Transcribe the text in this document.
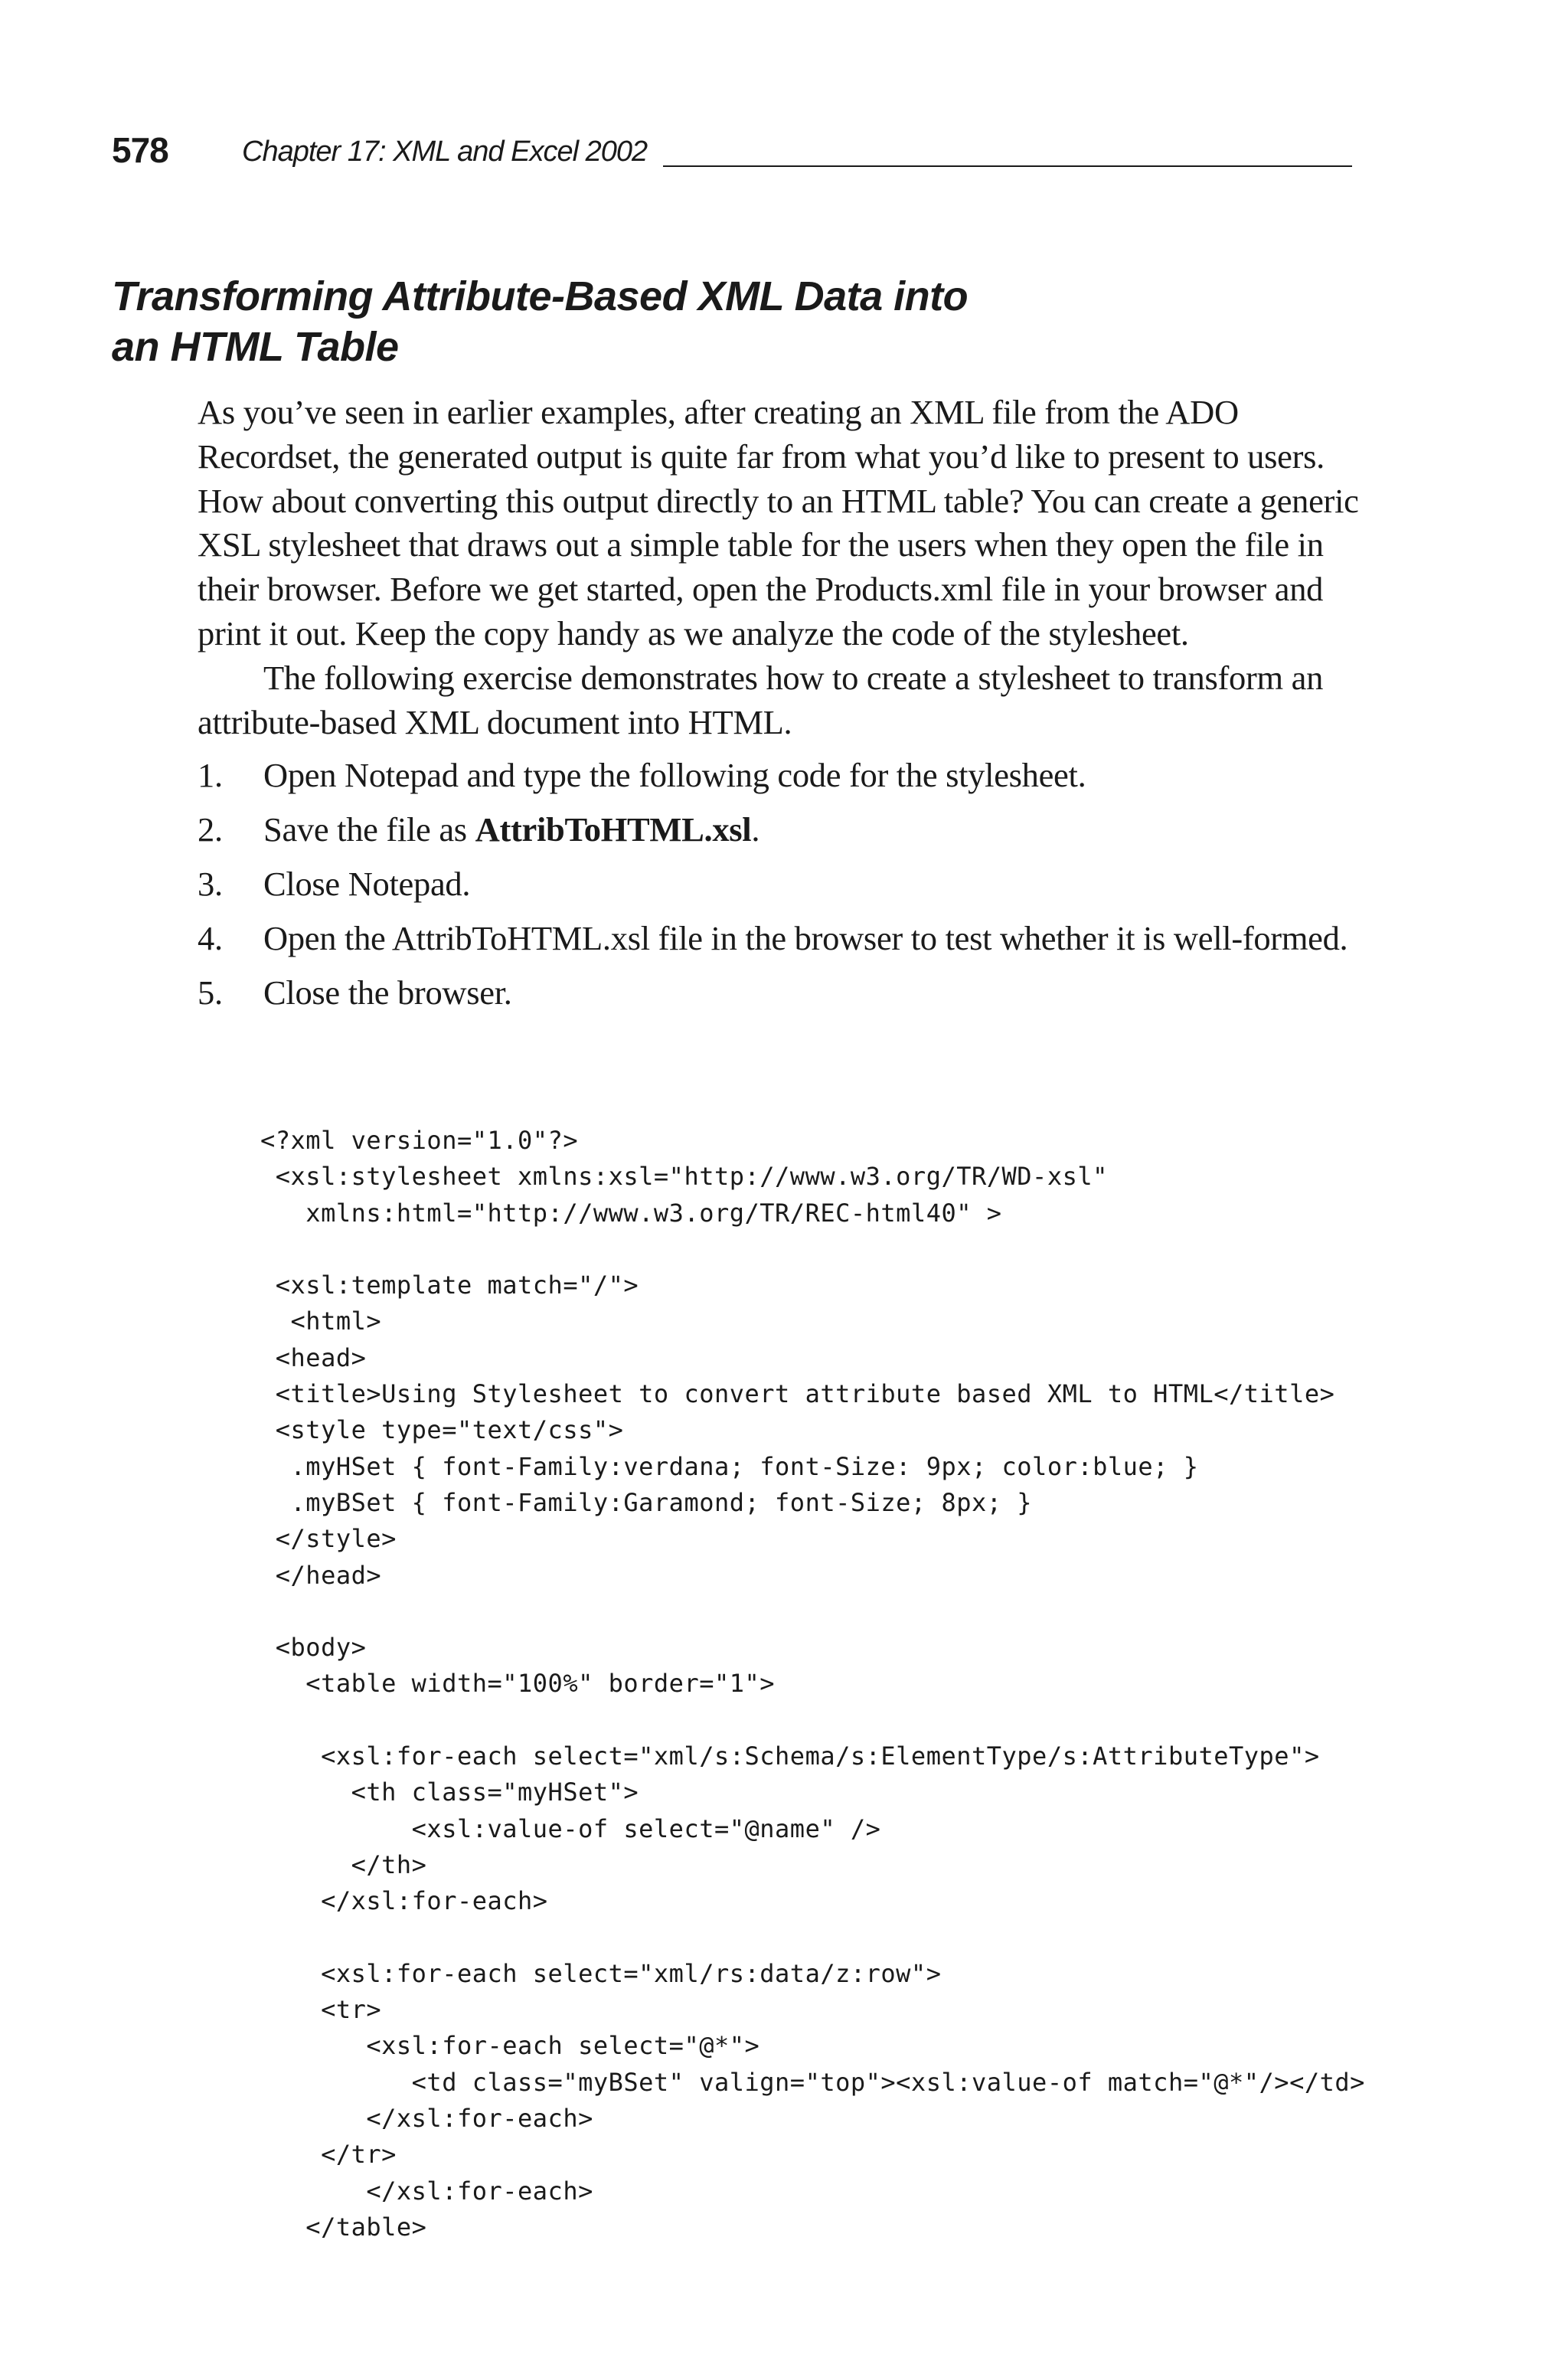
578	Chapter 17: XML and Excel 2002
Transforming Attribute-Based XML Data into
an HTML Table

As you’ve seen in earlier examples, after creating an XML file from the ADO Recordset, the generated output is quite far from what you’d like to present to users. How about converting this output directly to an HTML table? You can create a generic XSL stylesheet that draws out a simple table for the users when they open the file in their browser. Before we get started, open the Products.xml file in your browser and print it out. Keep the copy handy as we analyze the code of the stylesheet.

The following exercise demonstrates how to create a stylesheet to transform an attribute-based XML document into HTML.

1. Open Notepad and type the following code for the stylesheet.
2. Save the file as AttribToHTML.xsl.
3. Close Notepad.
4. Open the AttribToHTML.xsl file in the browser to test whether it is well-formed.
5. Close the browser.
<?xml version="1.0"?>
<xsl:stylesheet xmlns:xsl="http://www.w3.org/TR/WD-xsl"
xmlns:html="http://www.w3.org/TR/REC-html40" >
<xsl:template match="/">
<html>
<head>
<title>Using Stylesheet to convert attribute based XML to HTML</title>
<style type="text/css">
.myHSet { font-Family:verdana; font-Size: 9px; color:blue; }
.myBSet { font-Family:Garamond; font-Size; 8px; }
</style>
</head>
<body>
<table width="100%" border="1">
<xsl:for-each select="xml/s:Schema/s:ElementType/s:AttributeType">
<th class="myHSet">
<xsl:value-of select="@name" />
</th>
</xsl:for-each>
<xsl:for-each select="xml/rs:data/z:row">
<tr>
<xsl:for-each select="@*">
<td class="myBSet" valign="top"><xsl:value-of match="@*"/></td>
</xsl:for-each>
</tr>
</xsl:for-each>
</table>
